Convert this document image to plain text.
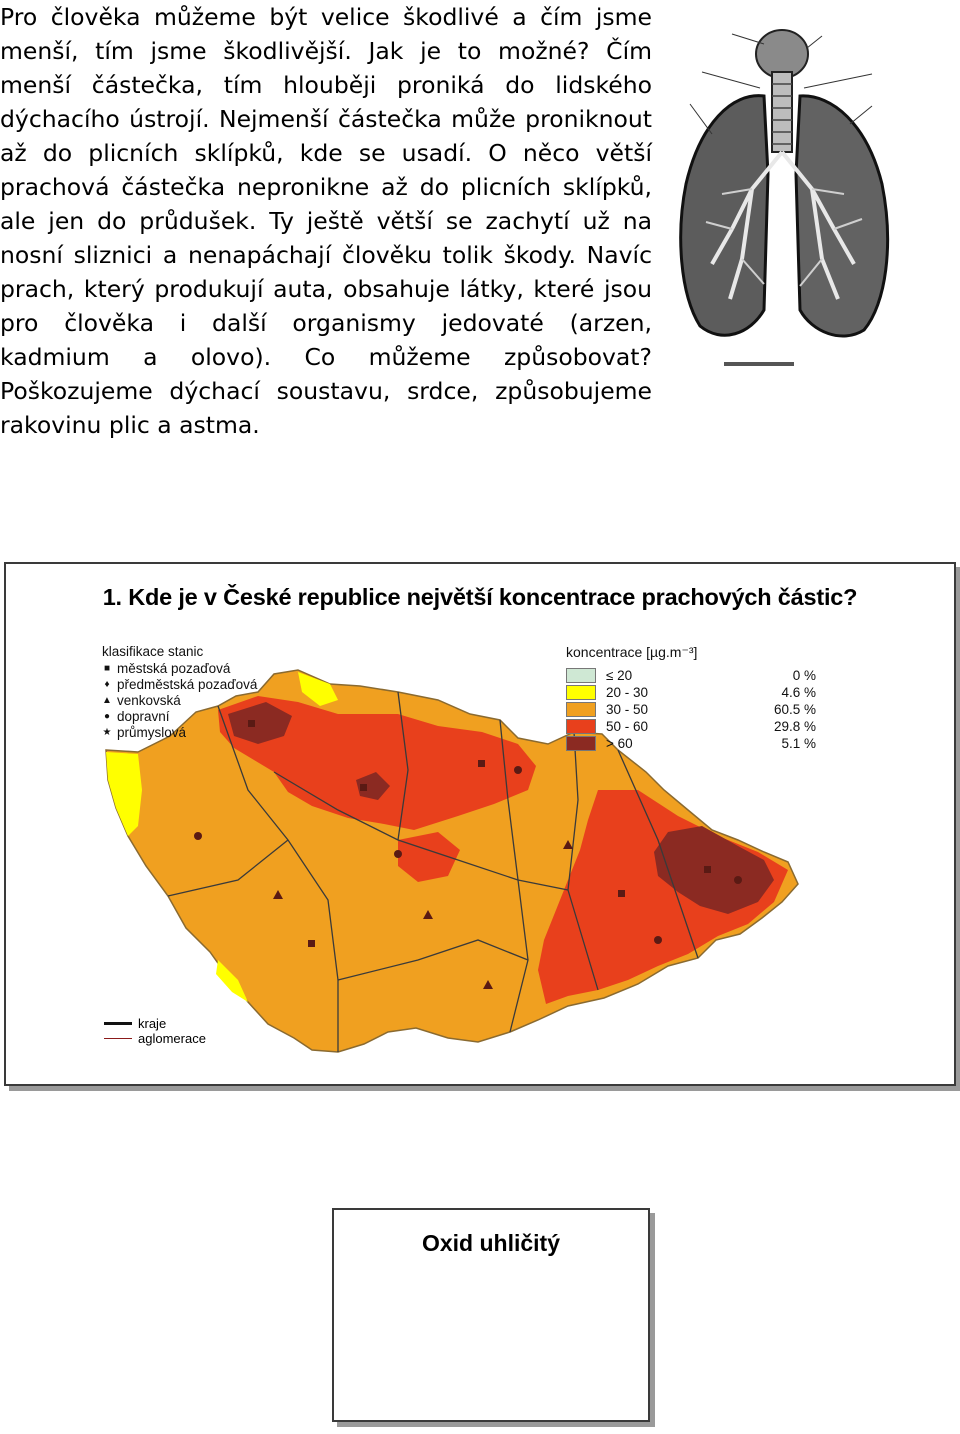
Pro člověka můžeme být velice škodlivé a čím jsme menší, tím jsme škodlivější. Jak je to možné? Čím menší částečka, tím hlouběji proniká do lidského dýchacího ústrojí. Nejmenší částečka může proniknout až do plicních sklípků, kde se usadí. O něco větší prachová částečka nepronikne až do plicních sklípků, ale jen do průdušek. Ty ještě větší se zachytí už na nosní sliznici a nenapáchají člověku tolik škody. Navíc prach, který produkují auta, obsahuje látky, které jsou pro člověka i další organismy jedovaté (arzen, kadmium a olovo). Co můžeme způsobovat? Poškozujeme dýchací soustavu, srdce, způsobujeme rakovinu plic a astma.

1. Kde je v České republice největší koncentrace prachových částic?
klasifikace stanic
■ městská pozaďová
♦ předměstská pozaďová
▲ venkovská
● dopravní
★ průmyslová
koncentrace [µg.m⁻³]
≤ 20	0 %
20 - 30	4.6 %
30 - 50	60.5 %
50 - 60	29.8 %
> 60	5.1 %
kraje
aglomerace
Oxid uhličitý
